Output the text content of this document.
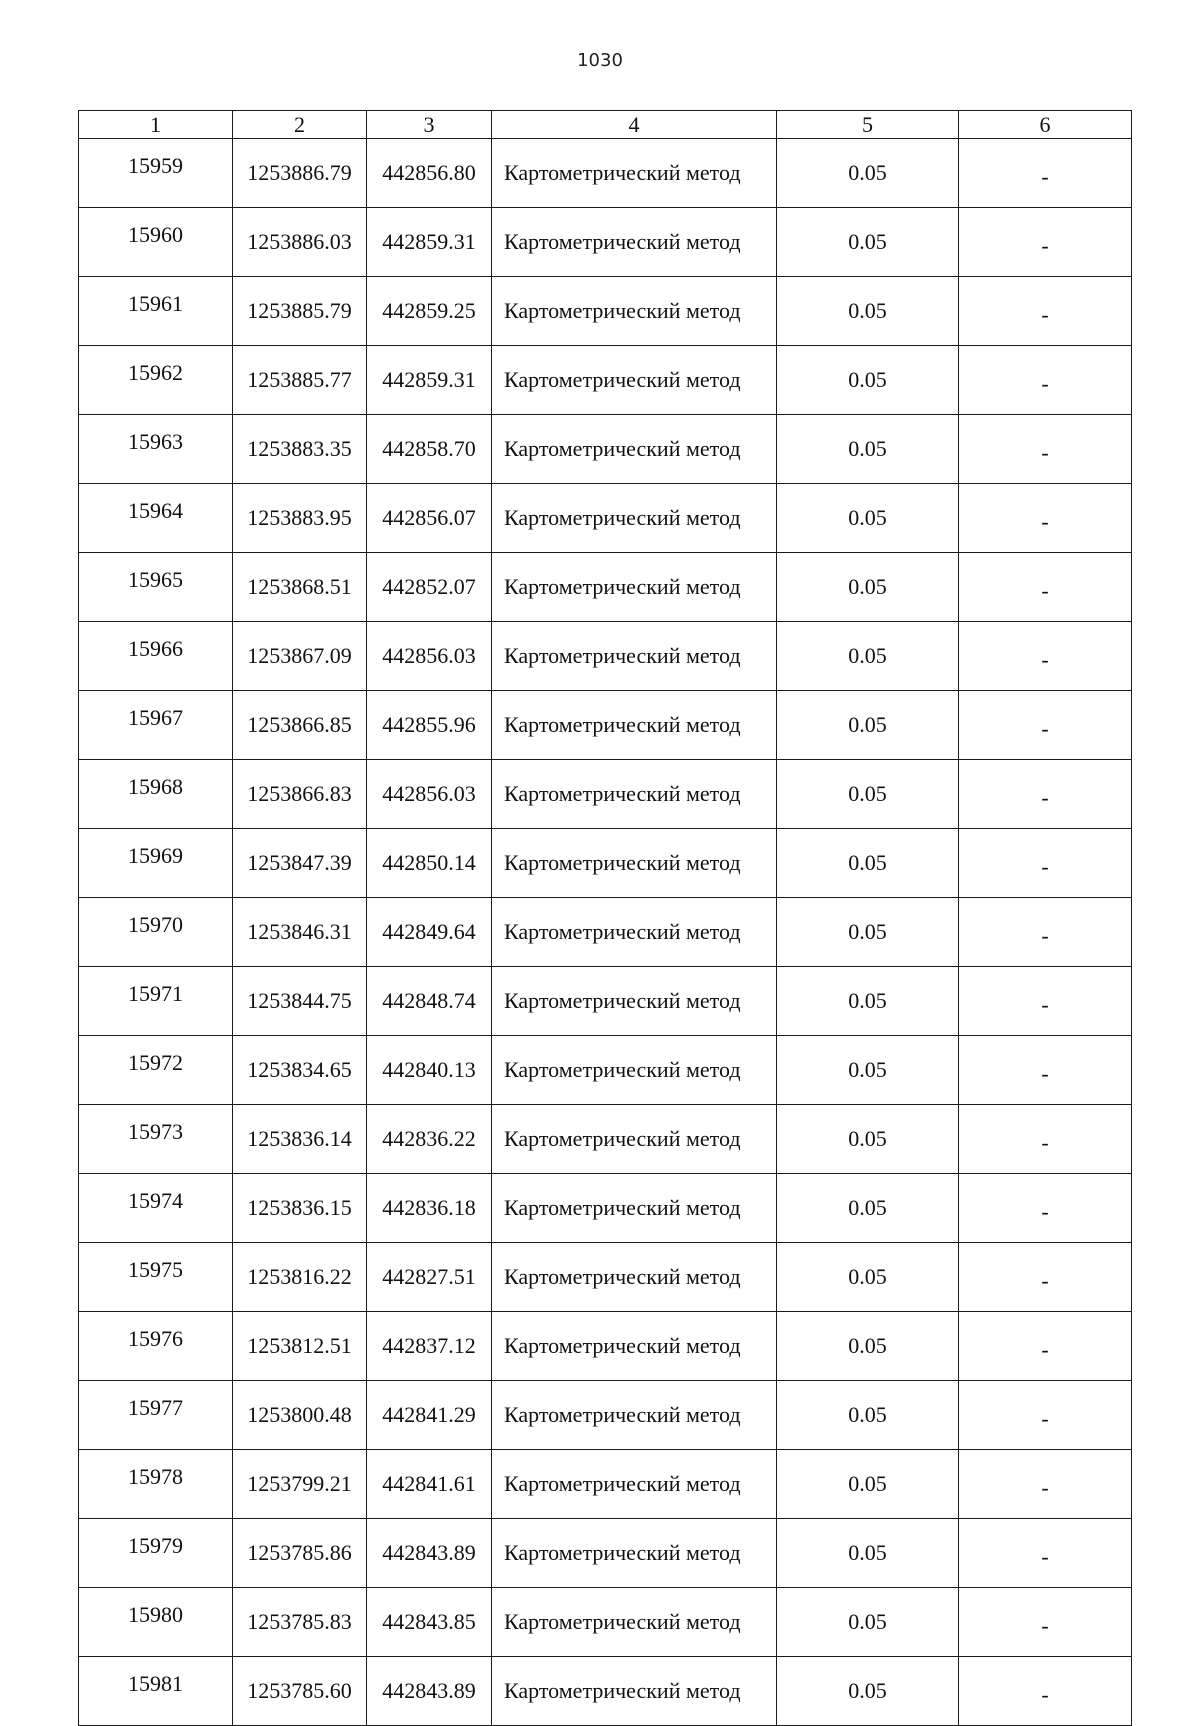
1030
1	2	3	4	5	6
15959	1253886.79	442856.80	Картометрический метод	0.05	-
15960	1253886.03	442859.31	Картометрический метод	0.05	-
15961	1253885.79	442859.25	Картометрический метод	0.05	-
15962	1253885.77	442859.31	Картометрический метод	0.05	-
15963	1253883.35	442858.70	Картометрический метод	0.05	-
15964	1253883.95	442856.07	Картометрический метод	0.05	-
15965	1253868.51	442852.07	Картометрический метод	0.05	-
15966	1253867.09	442856.03	Картометрический метод	0.05	-
15967	1253866.85	442855.96	Картометрический метод	0.05	-
15968	1253866.83	442856.03	Картометрический метод	0.05	-
15969	1253847.39	442850.14	Картометрический метод	0.05	-
15970	1253846.31	442849.64	Картометрический метод	0.05	-
15971	1253844.75	442848.74	Картометрический метод	0.05	-
15972	1253834.65	442840.13	Картометрический метод	0.05	-
15973	1253836.14	442836.22	Картометрический метод	0.05	-
15974	1253836.15	442836.18	Картометрический метод	0.05	-
15975	1253816.22	442827.51	Картометрический метод	0.05	-
15976	1253812.51	442837.12	Картометрический метод	0.05	-
15977	1253800.48	442841.29	Картометрический метод	0.05	-
15978	1253799.21	442841.61	Картометрический метод	0.05	-
15979	1253785.86	442843.89	Картометрический метод	0.05	-
15980	1253785.83	442843.85	Картометрический метод	0.05	-
15981	1253785.60	442843.89	Картометрический метод	0.05	-
